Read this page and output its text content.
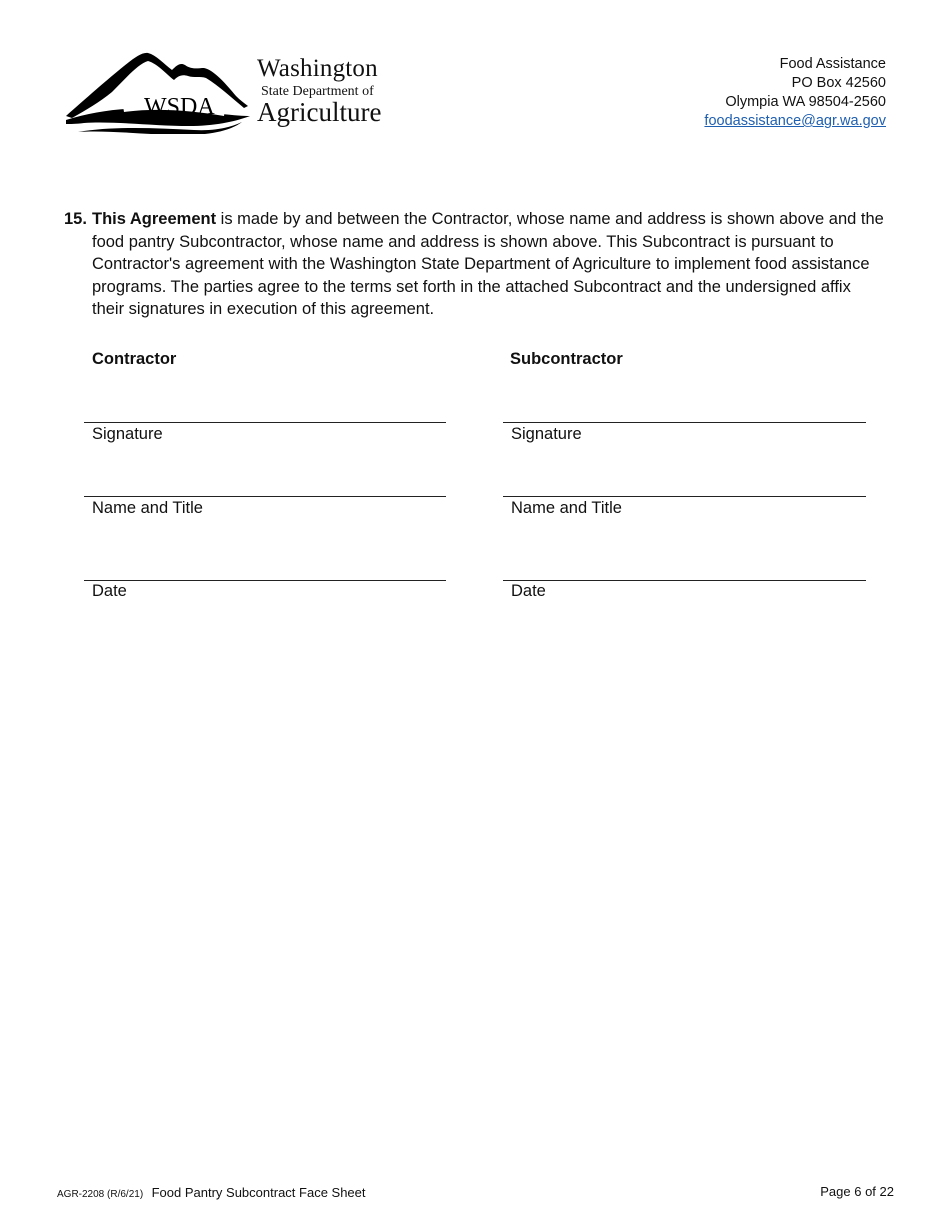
WSDA
Washington
State Department of
Agriculture
Food Assistance
PO Box 42560
Olympia WA 98504-2560
foodassistance@agr.wa.gov
15. This Agreement is made by and between the Contractor, whose name and address is shown above and the food pantry Subcontractor, whose name and address is shown above. This Subcontract is pursuant to Contractor's agreement with the Washington State Department of Agriculture to implement food assistance programs. The parties agree to the terms set forth in the attached Subcontract and the undersigned affix their signatures in execution of this agreement.
Contractor
Signature
Name and Title
Date
Subcontractor
Signature
Name and Title
Date
AGR-2208 (R/6/21) Food Pantry Subcontract Face Sheet	Page 6 of 22
